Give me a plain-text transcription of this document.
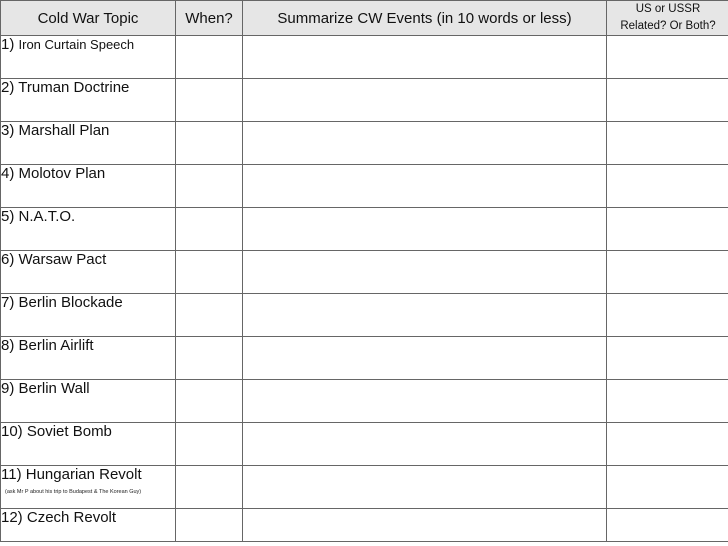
Cold War Topic	When?	Summarize CW Events (in 10 words or less)	US or USSR
Related? Or Both?

1) Iron Curtain Speech			
2) Truman Doctrine			
3) Marshall Plan			
4) Molotov Plan			
5) N.A.T.O.			
6) Warsaw Pact			
7) Berlin Blockade			
8) Berlin Airlift			
9) Berlin Wall			
10) Soviet Bomb			
11) Hungarian Revolt
(ask Mr P about his trip to Budapest & The Korean Guy)			

12) Czech Revolt			
